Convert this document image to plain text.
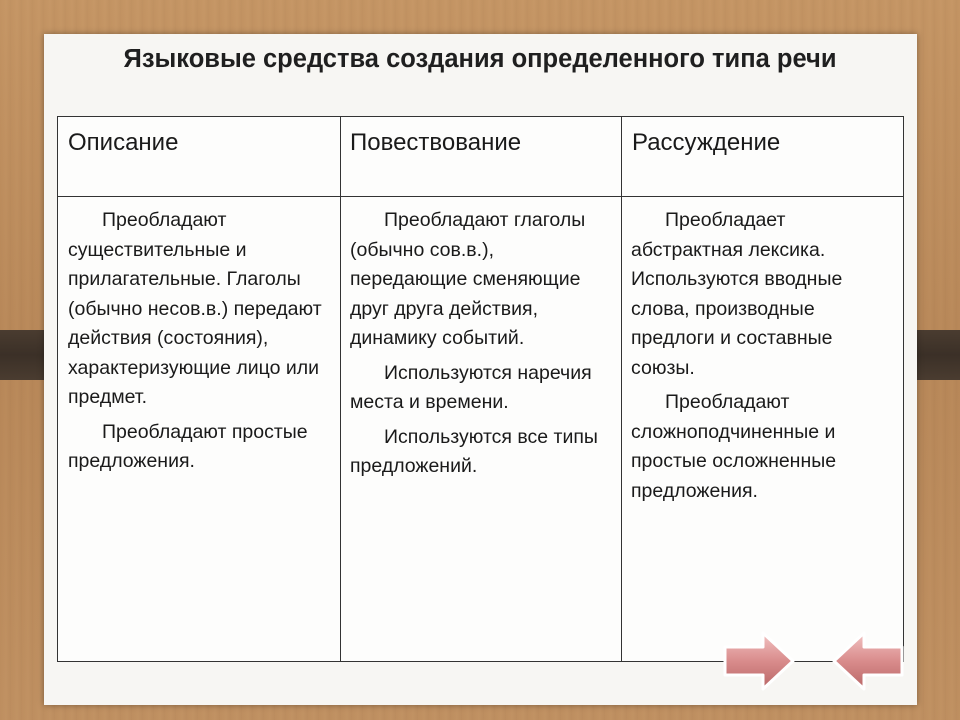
Языковые средства создания определенного типа речи
Описание	Повествование	Рассуждение

Преобладают существительные и прилагательные. Глаголы (обычно несов.в.) передают действия (состояния), характеризующие лицо или предмет.

Преобладают простые предложения.

Преобладают глаголы (обычно сов.в.), передающие сменяющие друг друга действия, динамику событий.

Используются наречия места и времени.

Используются все типы предложений.

Преобладает абстрактная лексика. Используются вводные слова, производные предлоги и составные союзы.

Преобладают сложноподчиненные и простые осложненные предложения.
